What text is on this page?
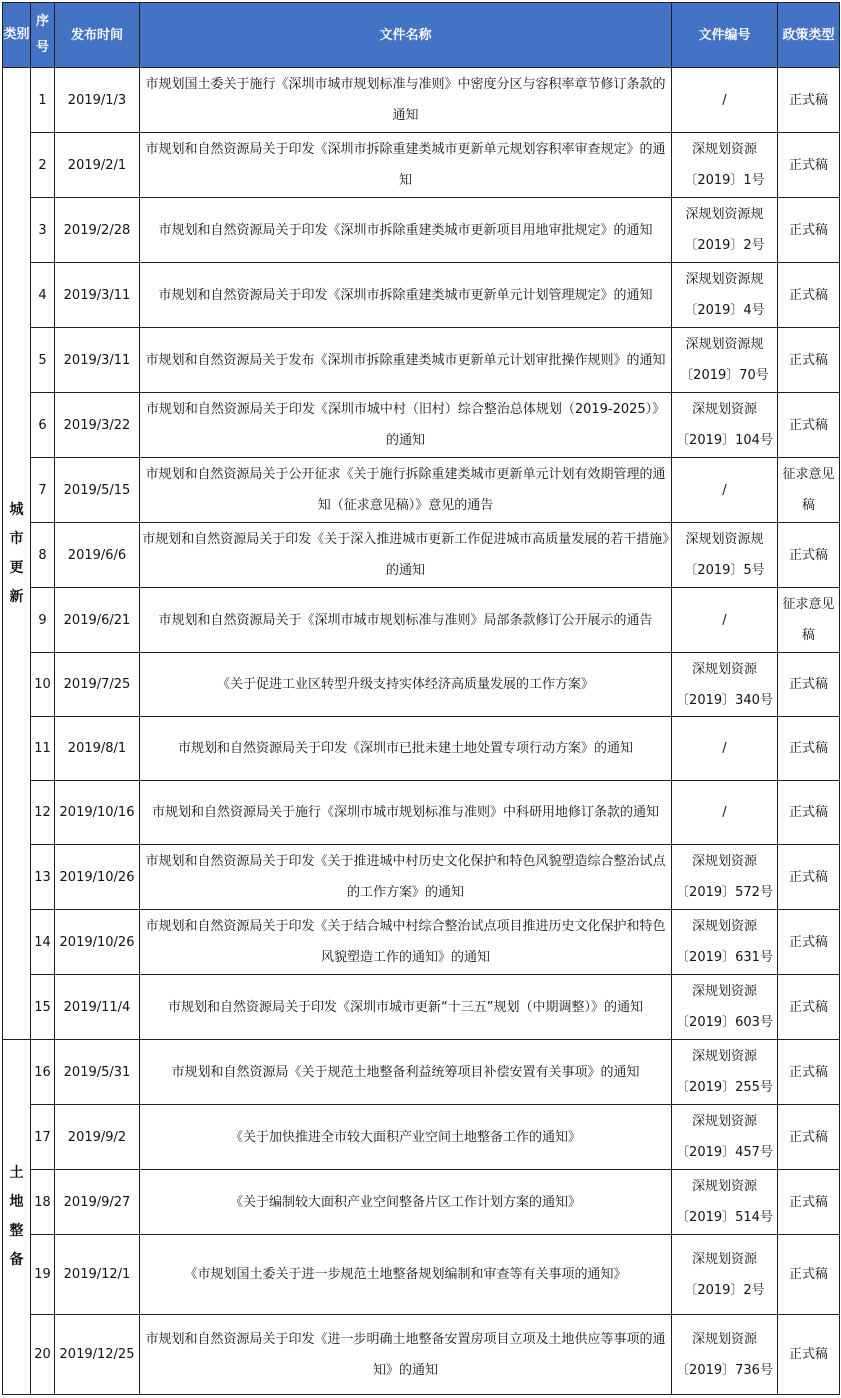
类别	序号	发布时间	文件名称	文件编号	政策类型
城市更新	1	2019/1/3	市规划国土委关于施行《深圳市城市规划标准与准则》中密度分区与容积率章节修订条款的通知	/	正式稿
	2	2019/2/1	市规划和自然资源局关于印发《深圳市拆除重建类城市更新单元规划容积率审查规定》的通知	深规划资源〔2019〕1号	正式稿
	3	2019/2/28	市规划和自然资源局关于印发《深圳市拆除重建类城市更新项目用地审批规定》的通知	深规划资源规〔2019〕2号	正式稿
	4	2019/3/11	市规划和自然资源局关于印发《深圳市拆除重建类城市更新单元计划管理规定》的通知	深规划资源规〔2019〕4号	正式稿
	5	2019/3/11	市规划和自然资源局关于发布《深圳市拆除重建类城市更新单元计划审批操作规则》的通知	深规划资源规〔2019〕70号	正式稿
	6	2019/3/22	市规划和自然资源局关于印发《深圳市城中村（旧村）综合整治总体规划（2019-2025）》的通知	深规划资源〔2019〕104号	正式稿
	7	2019/5/15	市规划和自然资源局关于公开征求《关于施行拆除重建类城市更新单元计划有效期管理的通知（征求意见稿）》意见的通告	/	征求意见稿
	8	2019/6/6	市规划和自然资源局关于印发《关于深入推进城市更新工作促进城市高质量发展的若干措施》的通知	深规划资源规〔2019〕5号	正式稿
	9	2019/6/21	市规划和自然资源局关于《深圳市城市规划标准与准则》局部条款修订公开展示的通告	/	征求意见稿
	10	2019/7/25	《关于促进工业区转型升级支持实体经济高质量发展的工作方案》	深规划资源〔2019〕340号	正式稿
	11	2019/8/1	市规划和自然资源局关于印发《深圳市已批未建土地处置专项行动方案》的通知	/	正式稿
	12	2019/10/16	市规划和自然资源局关于施行《深圳市城市规划标准与准则》中科研用地修订条款的通知	/	正式稿
	13	2019/10/26	市规划和自然资源局关于印发《关于推进城中村历史文化保护和特色风貌塑造综合整治试点的工作方案》的通知	深规划资源〔2019〕572号	正式稿
	14	2019/10/26	市规划和自然资源局关于印发《关于结合城中村综合整治试点项目推进历史文化保护和特色风貌塑造工作的通知》的通知	深规划资源〔2019〕631号	正式稿
	15	2019/11/4	市规划和自然资源局关于印发《深圳市城市更新“十三五”规划（中期调整）》的通知	深规划资源〔2019〕603号	正式稿
土地整备	16	2019/5/31	市规划和自然资源局《关于规范土地整备利益统筹项目补偿安置有关事项》的通知	深规划资源〔2019〕255号	正式稿
	17	2019/9/2	《关于加快推进全市较大面积产业空间土地整备工作的通知》	深规划资源〔2019〕457号	正式稿
	18	2019/9/27	《关于编制较大面积产业空间整备片区工作计划方案的通知》	深规划资源〔2019〕514号	正式稿
	19	2019/12/1	《市规划国土委关于进一步规范土地整备规划编制和审查等有关事项的通知》	深规划资源〔2019〕2号	正式稿
	20	2019/12/25	市规划和自然资源局关于印发《进一步明确土地整备安置房项目立项及土地供应等事项的通知》的通知	深规划资源〔2019〕736号	正式稿
